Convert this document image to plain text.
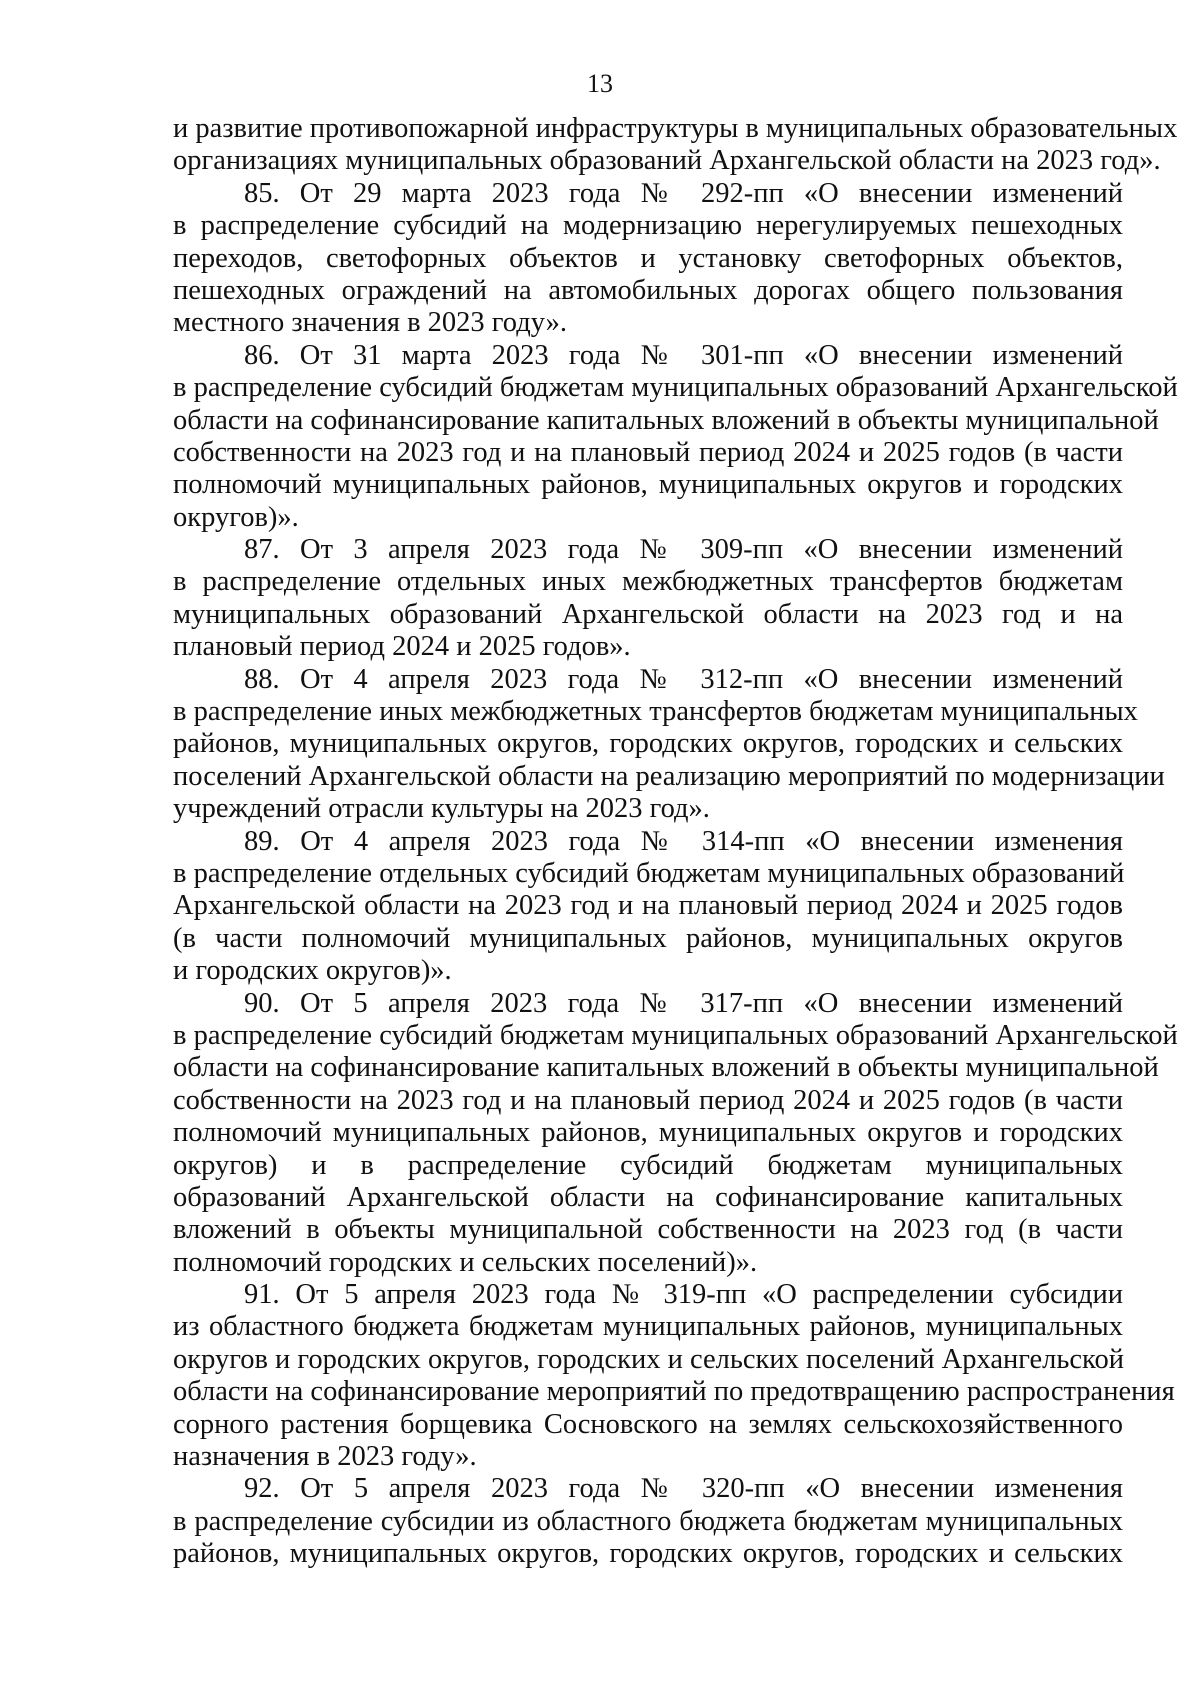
13
и развитие противопожарной инфраструктуры в муниципальных образовательных
организациях муниципальных образований Архангельской области на 2023 год».
85. От 29 марта 2023 года № 292-пп «О внесении изменений
в распределение субсидий на модернизацию нерегулируемых пешеходных
переходов, светофорных объектов и установку светофорных объектов,
пешеходных ограждений на автомобильных дорогах общего пользования
местного значения в 2023 году».
86. От 31 марта 2023 года № 301-пп «О внесении изменений
в распределение субсидий бюджетам муниципальных образований Архангельской
области на софинансирование капитальных вложений в объекты муниципальной
собственности на 2023 год и на плановый период 2024 и 2025 годов (в части
полномочий муниципальных районов, муниципальных округов и городских
округов)».
87. От 3 апреля 2023 года № 309-пп «О внесении изменений
в распределение отдельных иных межбюджетных трансфертов бюджетам
муниципальных образований Архангельской области на 2023 год и на
плановый период 2024 и 2025 годов».
88. От 4 апреля 2023 года № 312-пп «О внесении изменений
в распределение иных межбюджетных трансфертов бюджетам муниципальных
районов, муниципальных округов, городских округов, городских и сельских
поселений Архангельской области на реализацию мероприятий по модернизации
учреждений отрасли культуры на 2023 год».
89. От 4 апреля 2023 года № 314-пп «О внесении изменения
в распределение отдельных субсидий бюджетам муниципальных образований
Архангельской области на 2023 год и на плановый период 2024 и 2025 годов
(в части полномочий муниципальных районов, муниципальных округов
и городских округов)».
90. От 5 апреля 2023 года № 317-пп «О внесении изменений
в распределение субсидий бюджетам муниципальных образований Архангельской
области на софинансирование капитальных вложений в объекты муниципальной
собственности на 2023 год и на плановый период 2024 и 2025 годов (в части
полномочий муниципальных районов, муниципальных округов и городских
округов) и в распределение субсидий бюджетам муниципальных
образований Архангельской области на софинансирование капитальных
вложений в объекты муниципальной собственности на 2023 год (в части
полномочий городских и сельских поселений)».
91. От 5 апреля 2023 года № 319-пп «О распределении субсидии
из областного бюджета бюджетам муниципальных районов, муниципальных
округов и городских округов, городских и сельских поселений Архангельской
области на софинансирование мероприятий по предотвращению распространения
сорного растения борщевика Сосновского на землях сельскохозяйственного
назначения в 2023 году».
92. От 5 апреля 2023 года № 320-пп «О внесении изменения
в распределение субсидии из областного бюджета бюджетам муниципальных
районов, муниципальных округов, городских округов, городских и сельских
